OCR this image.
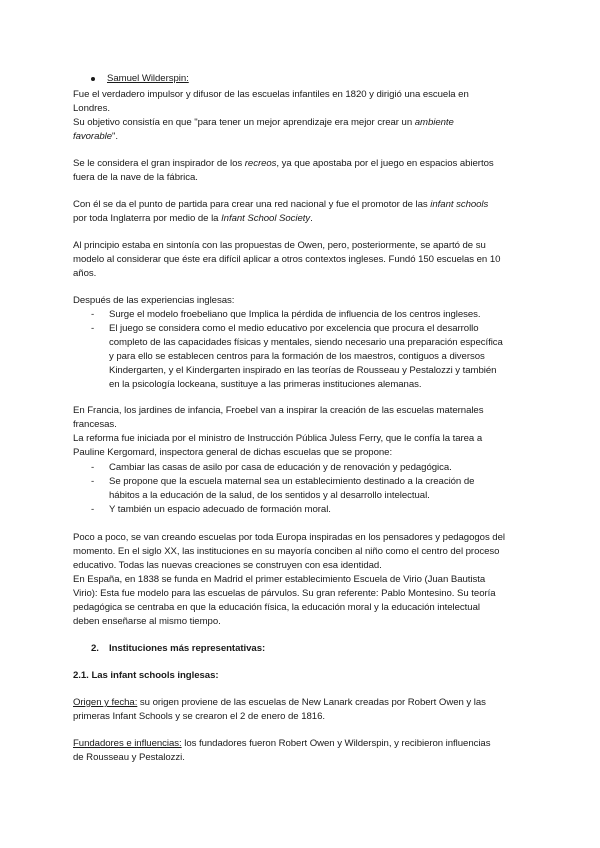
Samuel Wilderspin:

Fue el verdadero impulsor y difusor de las escuelas infantiles en 1820 y dirigió una escuela en

Londres.

Su objetivo consistía en que "para tener un mejor aprendizaje era mejor crear un ambiente

favorable".

Se le considera el gran inspirador de los recreos, ya que apostaba por el juego en espacios abiertos

fuera de la nave de la fábrica.

Con él se da el punto de partida para crear una red nacional y fue el promotor de las infant schools

por toda Inglaterra por medio de la Infant School Society.

Al principio estaba en sintonía con las propuestas de Owen, pero, posteriormente, se apartó de su

modelo al considerar que éste era difícil aplicar a otros contextos ingleses. Fundó 150 escuelas en 10

años.

Después de las experiencias inglesas:

- Surge el modelo froebeliano que Implica la pérdida de influencia de los centros ingleses.

- El juego se considera como el medio educativo por excelencia que procura el desarrollo

completo de las capacidades físicas y mentales, siendo necesario una preparación específica

y para ello se establecen centros para la formación de los maestros, contiguos a diversos

Kindergarten, y el Kindergarten inspirado en las teorías de Rousseau y Pestalozzi y también

en la psicología lockeana, sustituye a las primeras instituciones alemanas.

En Francia, los jardines de infancia, Froebel van a inspirar la creación de las escuelas maternales

francesas.

La reforma fue iniciada por el ministro de Instrucción Pública Juless Ferry, que le confía la tarea a

Pauline Kergomard, inspectora general de dichas escuelas que se propone:

- Cambiar las casas de asilo por casa de educación y de renovación y pedagógica.

- Se propone que la escuela maternal sea un establecimiento destinado a la creación de

hábitos a la educación de la salud, de los sentidos y al desarrollo intelectual.

- Y también un espacio adecuado de formación moral.

Poco a poco, se van creando escuelas por toda Europa inspiradas en los pensadores y pedagogos del

momento. En el siglo XX, las instituciones en su mayoría conciben al niño como el centro del proceso

educativo. Todas las nuevas creaciones se construyen con esa identidad.

En España, en 1838 se funda en Madrid el primer establecimiento Escuela de Virio (Juan Bautista

Virio): Esta fue modelo para las escuelas de párvulos. Su gran referente: Pablo Montesino. Su teoría

pedagógica se centraba en que la educación física, la educación moral y la educación intelectual

deben enseñarse al mismo tiempo.

2. Instituciones más representativas:

2.1. Las infant schools inglesas:

Origen y fecha: su origen proviene de las escuelas de New Lanark creadas por Robert Owen y las

primeras Infant Schools y se crearon el 2 de enero de 1816.

Fundadores e influencias: los fundadores fueron Robert Owen y Wilderspin, y recibieron influencias

de Rousseau y Pestalozzi.
